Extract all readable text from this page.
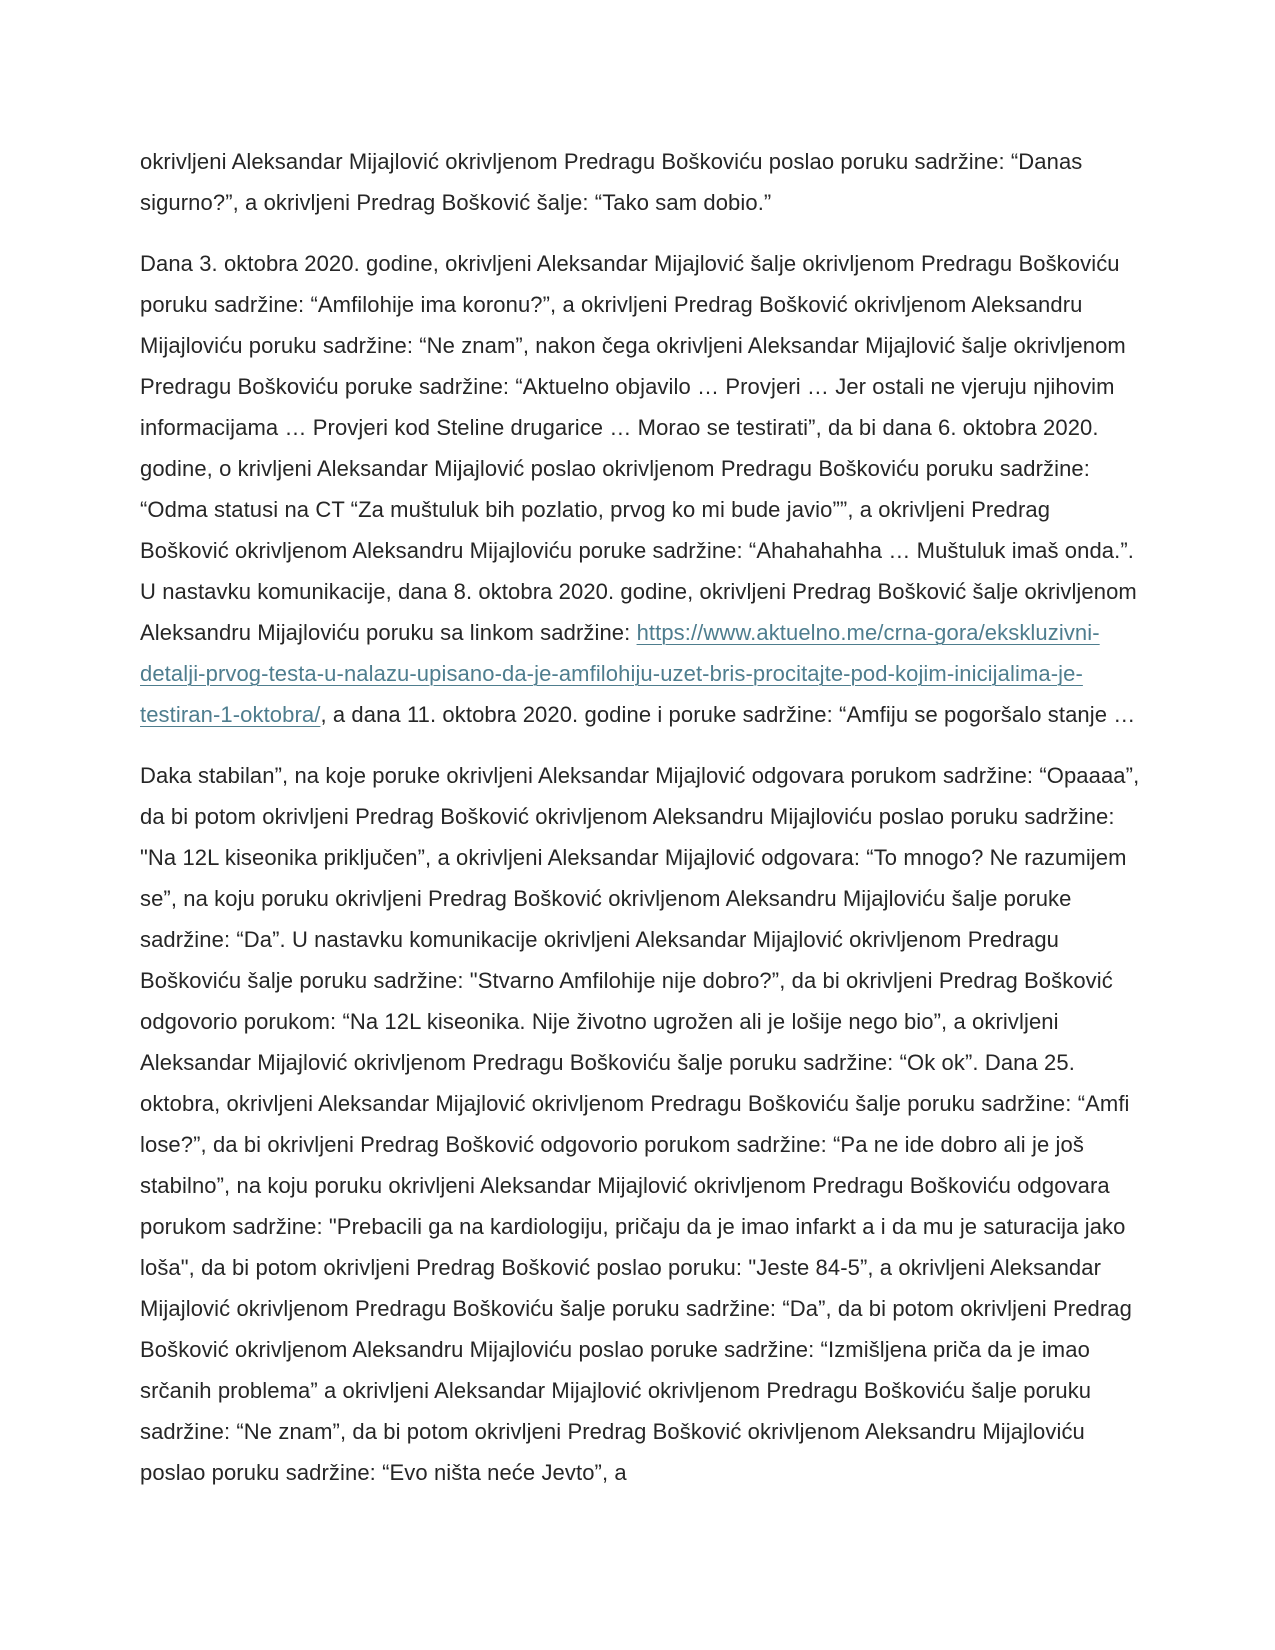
okrivljeni Aleksandar Mijajlović okrivljenom Predragu Boškoviću poslao poruku sadržine: “Danas sigurno?”, a okrivljeni Predrag Bošković šalje: “Tako sam dobio.”

Dana 3. oktobra 2020. godine, okrivljeni Aleksandar Mijajlović šalje okrivljenom Predragu Boškoviću poruku sadržine: “Amfilohije ima koronu?”, a okrivljeni Predrag Bošković okrivljenom Aleksandru Mijajloviću poruku sadržine: “Ne znam”, nakon čega okrivljeni Aleksandar Mijajlović šalje okrivljenom Predragu Boškoviću poruke sadržine: “Aktuelno objavilo … Provjeri … Jer ostali ne vjeruju njihovim informacijama … Provjeri kod Steline drugarice … Morao se testirati”, da bi dana 6. oktobra 2020. godine, o krivljeni Aleksandar Mijajlović poslao okrivljenom Predragu Boškoviću poruku sadržine: “Odma statusi na CT “Za muštuluk bih pozlatio, prvog ko mi bude javio””, a okrivljeni Predrag Bošković okrivljenom Aleksandru Mijajloviću poruke sadržine: “Ahahahahha … Muštuluk imaš onda.”. U nastavku komunikacije, dana 8. oktobra 2020. godine, okrivljeni Predrag Bošković šalje okrivljenom Aleksandru Mijajloviću poruku sa linkom sadržine: https://www.aktuelno.me/crna-gora/ekskluzivni-detalji-prvog-testa-u-nalazu-upisano-da-je-amfilohiju-uzet-bris-procitajte-pod-kojim-inicijalima-je-testiran-1-oktobra/, a dana 11. oktobra 2020. godine i poruke sadržine: “Amfiju se pogoršalo stanje …

Daka stabilan”, na koje poruke okrivljeni Aleksandar Mijajlović odgovara porukom sadržine: “Opaaaa”, da bi potom okrivljeni Predrag Bošković okrivljenom Aleksandru Mijajloviću poslao poruku sadržine: "Na 12L kiseonika priključen”, a okrivljeni Aleksandar Mijajlović odgovara: “To mnogo? Ne razumijem se”, na koju poruku okrivljeni Predrag Bošković okrivljenom Aleksandru Mijajloviću šalje poruke sadržine: “Da”. U nastavku komunikacije okrivljeni Aleksandar Mijajlović okrivljenom Predragu Boškoviću šalje poruku sadržine: "Stvarno Amfilohije nije dobro?”, da bi okrivljeni Predrag Bošković odgovorio porukom: “Na 12L kiseonika. Nije životno ugrožen ali je lošije nego bio”, a okrivljeni Aleksandar Mijajlović okrivljenom Predragu Boškoviću šalje poruku sadržine: “Ok ok”. Dana 25. oktobra, okrivljeni Aleksandar Mijajlović okrivljenom Predragu Boškoviću šalje poruku sadržine: “Amfi lose?”, da bi okrivljeni Predrag Bošković odgovorio porukom sadržine: “Pa ne ide dobro ali je još stabilno”, na koju poruku okrivljeni Aleksandar Mijajlović okrivljenom Predragu Boškoviću odgovara porukom sadržine: "Prebacili ga na kardiologiju, pričaju da je imao infarkt a i da mu je saturacija jako loša", da bi potom okrivljeni Predrag Bošković poslao poruku: "Jeste 84-5”, a okrivljeni Aleksandar Mijajlović okrivljenom Predragu Boškoviću šalje poruku sadržine: “Da”, da bi potom okrivljeni Predrag Bošković okrivljenom Aleksandru Mijajloviću poslao poruke sadržine: “Izmišljena priča da je imao srčanih problema” a okrivljeni Aleksandar Mijajlović okrivljenom Predragu Boškoviću šalje poruku sadržine: “Ne znam”, da bi potom okrivljeni Predrag Bošković okrivljenom Aleksandru Mijajloviću poslao poruku sadržine: “Evo ništa neće Jevto”, a
